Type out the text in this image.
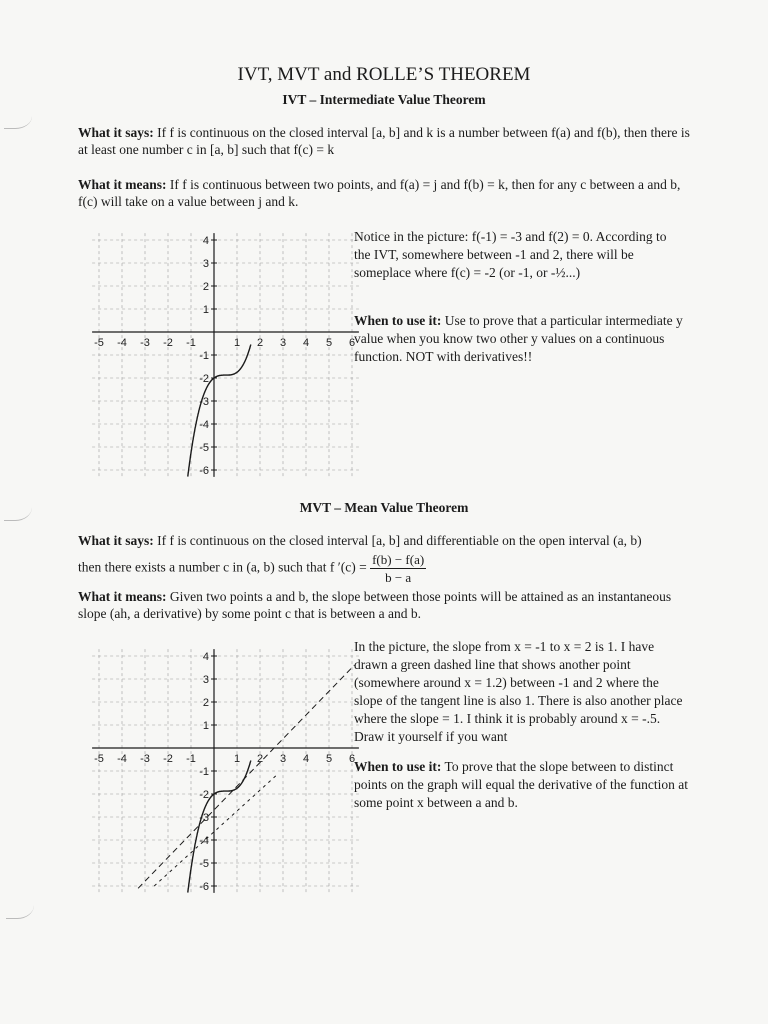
IVT, MVT and ROLLE’S THEOREM
IVT – Intermediate Value Theorem
What it says: If f is continuous on the closed interval [a, b] and k is a number between f(a) and f(b), then there is at least one number c in [a, b] such that f(c) = k
What it means: If f is continuous between two points, and f(a) = j and f(b) = k, then for any c between a and b, f(c) will take on a value between j and k.
-5 -4 -3 -2 -1	1 2 3 4 5 6
4
3
2
1
-1
-2
-3
-4
-5
-6
Notice in the picture: f(-1) = -3 and f(2) = 0. According to the IVT, somewhere between -1 and 2, there will be someplace where f(c) = -2 (or -1, or -½...)
When to use it: Use to prove that a particular intermediate y value when you know two other y values on a continuous function. NOT with derivatives!!
MVT – Mean Value Theorem
What it says: If f is continuous on the closed interval [a, b] and differentiable on the open interval (a, b)
then there exists a number c in (a, b) such that f $'(c) = \frac{f(b) - f(a)}{b - a}$
What it means: Given two points a and b, the slope between those points will be attained as an instantaneous slope (ah, a derivative) by some point c that is between a and b.
-5 -4 -3 -2 -1	1 2 3 4 5 6
4
3
2
1
-1
-2
-3
-4
-5
-6
In the picture, the slope from x = -1 to x = 2 is 1. I have drawn a green dashed line that shows another point (somewhere around x = 1.2) between -1 and 2 where the slope of the tangent line is also 1. There is also another place where the slope = 1. I think it is probably around x = -.5. Draw it yourself if you want
When to use it: To prove that the slope between to distinct points on the graph will equal the derivative of the function at some point x between a and b.
